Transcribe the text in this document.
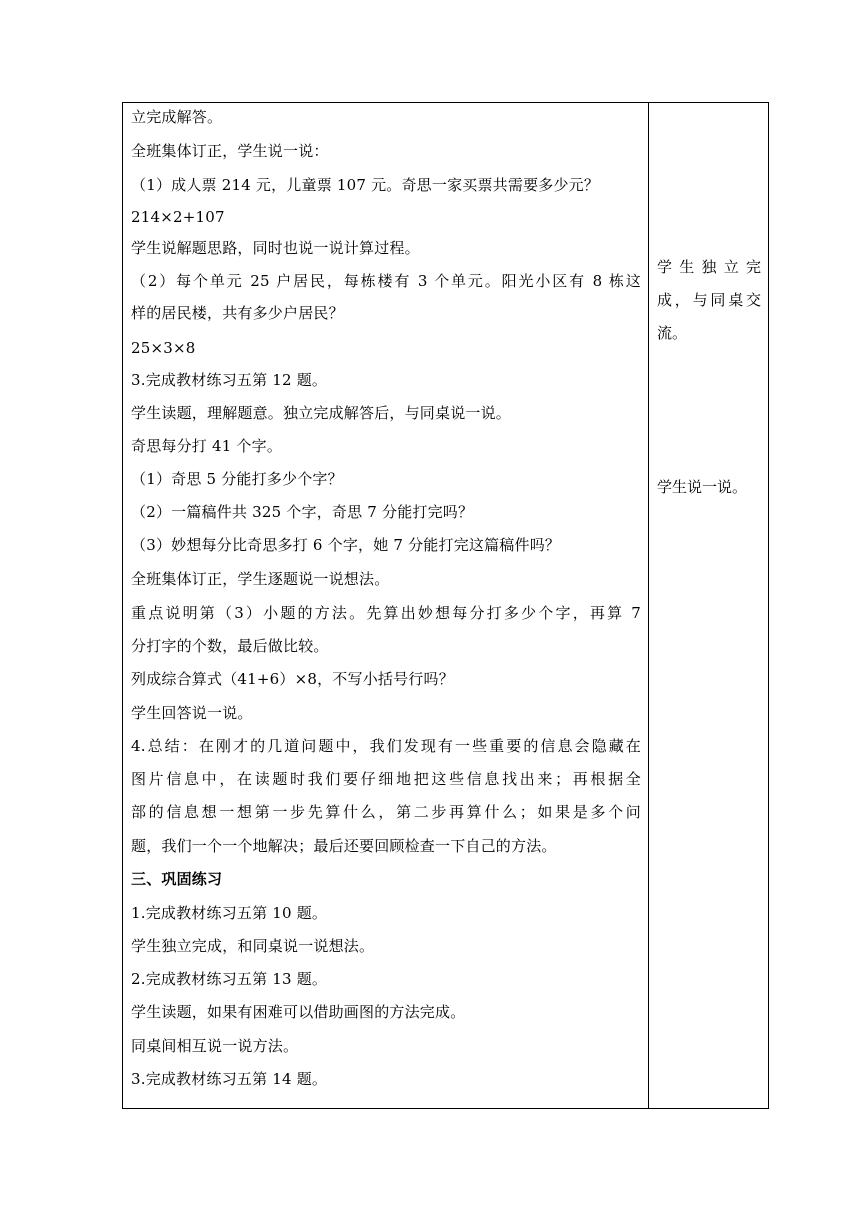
立完成解答。
全班集体订正，学生说一说：
（1）成人票 214 元，儿童票 107 元。奇思一家买票共需要多少元？
214×2+107
学生说解题思路，同时也说一说计算过程。
（2）每个单元 25 户居民，每栋楼有 3 个单元。阳光小区有 8 栋这
样的居民楼，共有多少户居民？
25×3×8
3.完成教材练习五第 12 题。
学生读题，理解题意。独立完成解答后，与同桌说一说。
奇思每分打 41 个字。
（1）奇思 5 分能打多少个字？
（2）一篇稿件共 325 个字，奇思 7 分能打完吗？
（3）妙想每分比奇思多打 6 个字，她 7 分能打完这篇稿件吗？
全班集体订正，学生逐题说一说想法。
重点说明第（3）小题的方法。先算出妙想每分打多少个字，再算 7
分打字的个数，最后做比较。
列成综合算式（41+6）×8，不写小括号行吗？
学生回答说一说。
4.总结：在刚才的几道问题中，我们发现有一些重要的信息会隐藏在
图片信息中，在读题时我们要仔细地把这些信息找出来；再根据全
部的信息想一想第一步先算什么，第二步再算什么；如果是多个问
题，我们一个一个地解决；最后还要回顾检查一下自己的方法。
三、巩固练习
1.完成教材练习五第 10 题。
学生独立完成，和同桌说一说想法。
2.完成教材练习五第 13 题。
学生读题，如果有困难可以借助画图的方法完成。
同桌间相互说一说方法。
3.完成教材练习五第 14 题。
学生独立完
成，与同桌交
流。
学生说一说。
